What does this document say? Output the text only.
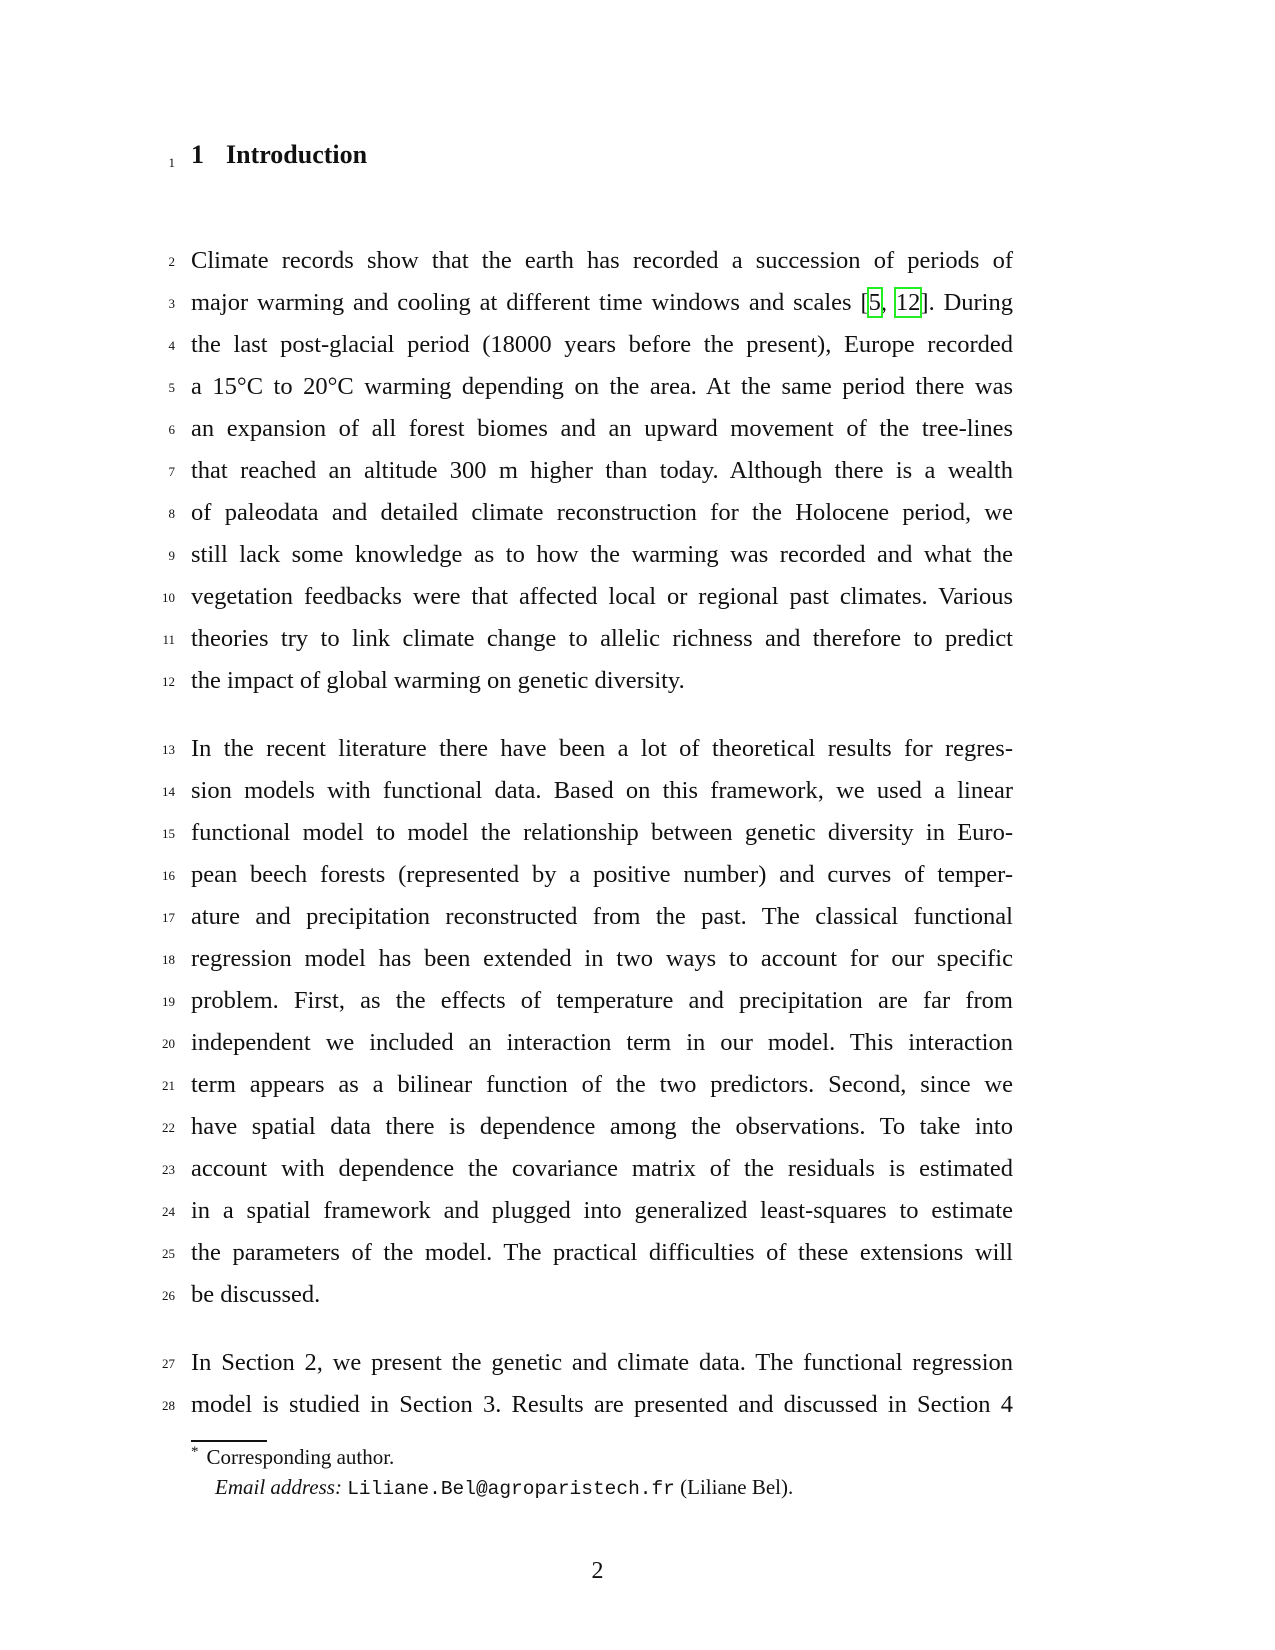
1 1 Introduction
2 Climate records show that the earth has recorded a succession of periods of
3 major warming and cooling at different time windows and scales [5, 12]. During
4 the last post-glacial period (18000 years before the present), Europe recorded
5 a 15°C to 20°C warming depending on the area. At the same period there was
6 an expansion of all forest biomes and an upward movement of the tree-lines
7 that reached an altitude 300 m higher than today. Although there is a wealth
8 of paleodata and detailed climate reconstruction for the Holocene period, we
9 still lack some knowledge as to how the warming was recorded and what the
10 vegetation feedbacks were that affected local or regional past climates. Various
11 theories try to link climate change to allelic richness and therefore to predict
12 the impact of global warming on genetic diversity.
13 In the recent literature there have been a lot of theoretical results for regres-
14 sion models with functional data. Based on this framework, we used a linear
15 functional model to model the relationship between genetic diversity in Euro-
16 pean beech forests (represented by a positive number) and curves of temper-
17 ature and precipitation reconstructed from the past. The classical functional
18 regression model has been extended in two ways to account for our specific
19 problem. First, as the effects of temperature and precipitation are far from
20 independent we included an interaction term in our model. This interaction
21 term appears as a bilinear function of the two predictors. Second, since we
22 have spatial data there is dependence among the observations. To take into
23 account with dependence the covariance matrix of the residuals is estimated
24 in a spatial framework and plugged into generalized least-squares to estimate
25 the parameters of the model. The practical difficulties of these extensions will
26 be discussed.
27 In Section 2, we present the genetic and climate data. The functional regression
28 model is studied in Section 3. Results are presented and discussed in Section 4
* Corresponding author.
Email address: Liliane.Bel@agroparistech.fr (Liliane Bel).
2
